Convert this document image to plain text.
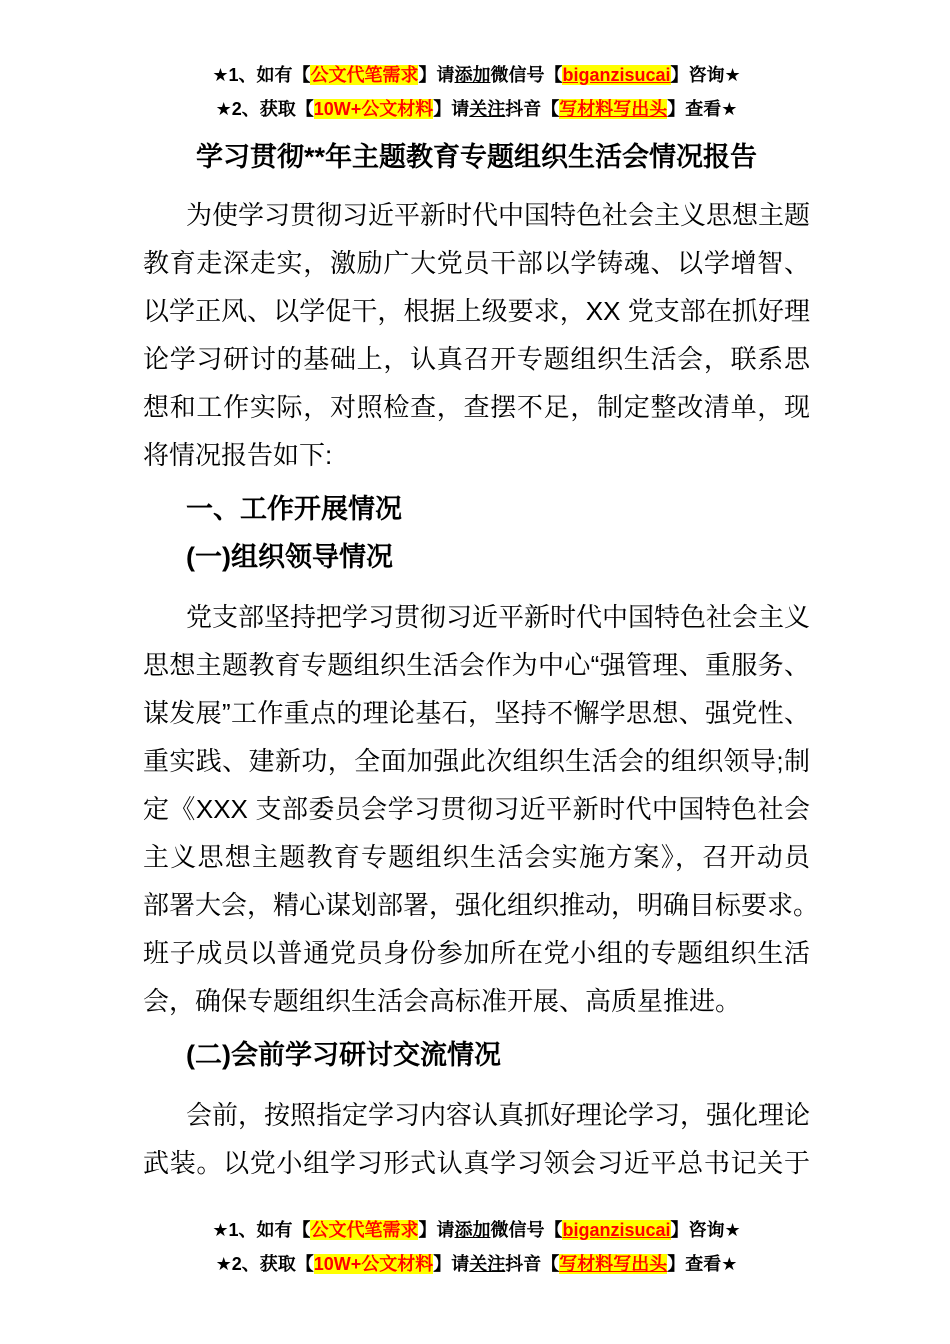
★1、如有【公文代笔需求】请添加微信号【biganzisucai】咨询★
★2、获取【10W+公文材料】请关注抖音【写材料写出头】查看★
学习贯彻**年主题教育专题组织生活会情况报告
为使学习贯彻习近平新时代中国特色社会主义思想主题
教育走深走实，激励广大党员干部以学铸魂、以学增智、
以学正风、以学促干，根据上级要求，XX 党支部在抓好理
论学习研讨的基础上，认真召开专题组织生活会，联系思
想和工作实际，对照检查，查摆不足，制定整改清单，现
将情况报告如下:
一、工作开展情况
(一)组织领导情况
党支部坚持把学习贯彻习近平新时代中国特色社会主义
思想主题教育专题组织生活会作为中心“强管理、重服务、
谋发展”工作重点的理论基石，坚持不懈学思想、强党性、
重实践、建新功，全面加强此次组织生活会的组织领导;制
定《XXX 支部委员会学习贯彻习近平新时代中国特色社会
主义思想主题教育专题组织生活会实施方案》，召开动员
部署大会，精心谋划部署，强化组织推动，明确目标要求。
班子成员以普通党员身份参加所在党小组的专题组织生活
会，确保专题组织生活会高标准开展、高质星推进。
(二)会前学习研讨交流情况
会前，按照指定学习内容认真抓好理论学习，强化理论
武装。以党小组学习形式认真学习领会习近平总书记关于
★1、如有【公文代笔需求】请添加微信号【biganzisucai】咨询★
★2、获取【10W+公文材料】请关注抖音【写材料写出头】查看★
